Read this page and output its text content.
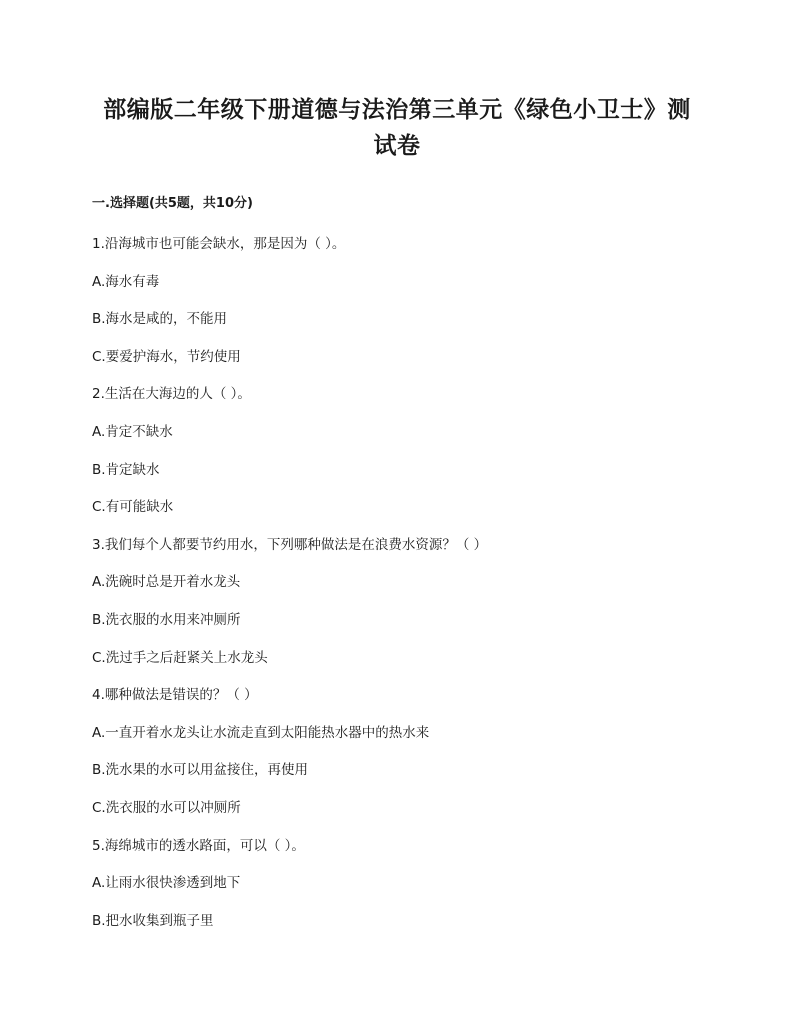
部编版二年级下册道德与法治第三单元《绿色小卫士》测
试卷
一.选择题(共5题，共10分)
1.沿海城市也可能会缺水，那是因为（ ）。
A.海水有毒
B.海水是咸的，不能用
C.要爱护海水，节约使用
2.生活在大海边的人（ ）。
A.肯定不缺水
B.肯定缺水
C.有可能缺水
3.我们每个人都要节约用水，下列哪种做法是在浪费水资源？（ ）
A.洗碗时总是开着水龙头
B.洗衣服的水用来冲厕所
C.洗过手之后赶紧关上水龙头
4.哪种做法是错误的？（ ）
A.一直开着水龙头让水流走直到太阳能热水器中的热水来
B.洗水果的水可以用盆接住，再使用
C.洗衣服的水可以冲厕所
5.海绵城市的透水路面，可以（ ）。
A.让雨水很快渗透到地下
B.把水收集到瓶子里
